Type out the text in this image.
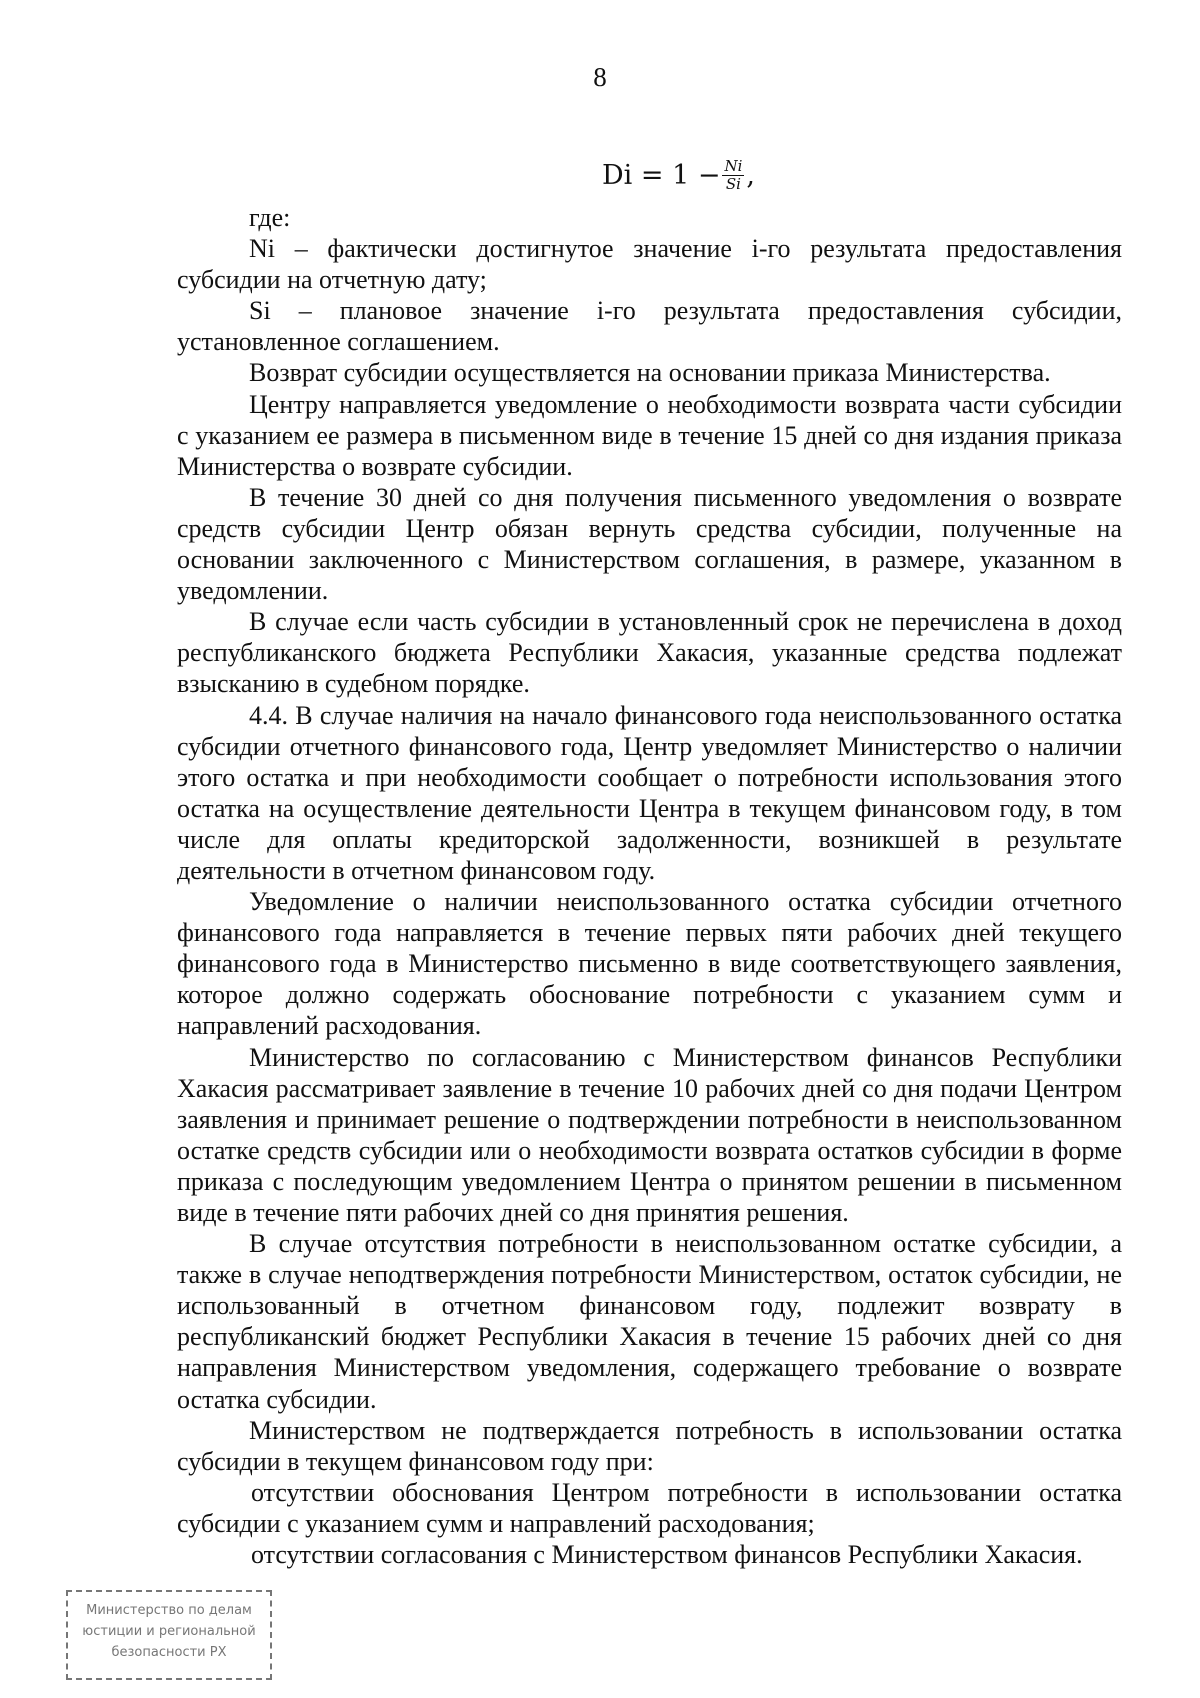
8
$Di = 1 - \frac{Ni}{Si}$ ,

где:

Ni – фактически достигнутое значение i-го результата предоставления субсидии на отчетную дату;

Si – плановое значение i-го результата предоставления субсидии, установленное соглашением.

Возврат субсидии осуществляется на основании приказа Министерства.

Центру направляется уведомление о необходимости возврата части субсидии с указанием ее размера в письменном виде в течение 15 дней со дня издания приказа Министерства о возврате субсидии.

В течение 30 дней со дня получения письменного уведомления о возврате средств субсидии Центр обязан вернуть средства субсидии, полученные на основании заключенного с Министерством соглашения, в размере, указанном в уведомлении.

В случае если часть субсидии в установленный срок не перечислена в доход республиканского бюджета Республики Хакасия, указанные средства подлежат взысканию в судебном порядке.

4.4. В случае наличия на начало финансового года неиспользованного остатка субсидии отчетного финансового года, Центр уведомляет Министерство о наличии этого остатка и при необходимости сообщает о потребности использования этого остатка на осуществление деятельности Центра в текущем финансовом году, в том числе для оплаты кредиторской задолженности, возникшей в результате деятельности в отчетном финансовом году.

Уведомление о наличии неиспользованного остатка субсидии отчетного финансового года направляется в течение первых пяти рабочих дней текущего финансового года в Министерство письменно в виде соответствующего заявления, которое должно содержать обоснование потребности с указанием сумм и направлений расходования.

Министерство по согласованию с Министерством финансов Республики Хакасия рассматривает заявление в течение 10 рабочих дней со дня подачи Центром заявления и принимает решение о подтверждении потребности в неиспользованном остатке средств субсидии или о необходимости возврата остатков субсидии в форме приказа с последующим уведомлением Центра о принятом решении в письменном виде в течение пяти рабочих дней со дня принятия решения.

В случае отсутствия потребности в неиспользованном остатке субсидии, а также в случае неподтверждения потребности Министерством, остаток субсидии, не использованный в отчетном финансовом году, подлежит возврату в республиканский бюджет Республики Хакасия в течение 15 рабочих дней со дня направления Министерством уведомления, содержащего требование о возврате остатка субсидии.

Министерством не подтверждается потребность в использовании остатка субсидии в текущем финансовом году при:

отсутствии обоснования Центром потребности в использовании остатка субсидии с указанием сумм и направлений расходования;

отсутствии согласования с Министерством финансов Республики Хакасия.

Министерство по делам
юстиции и региональной
безопасности РХ
